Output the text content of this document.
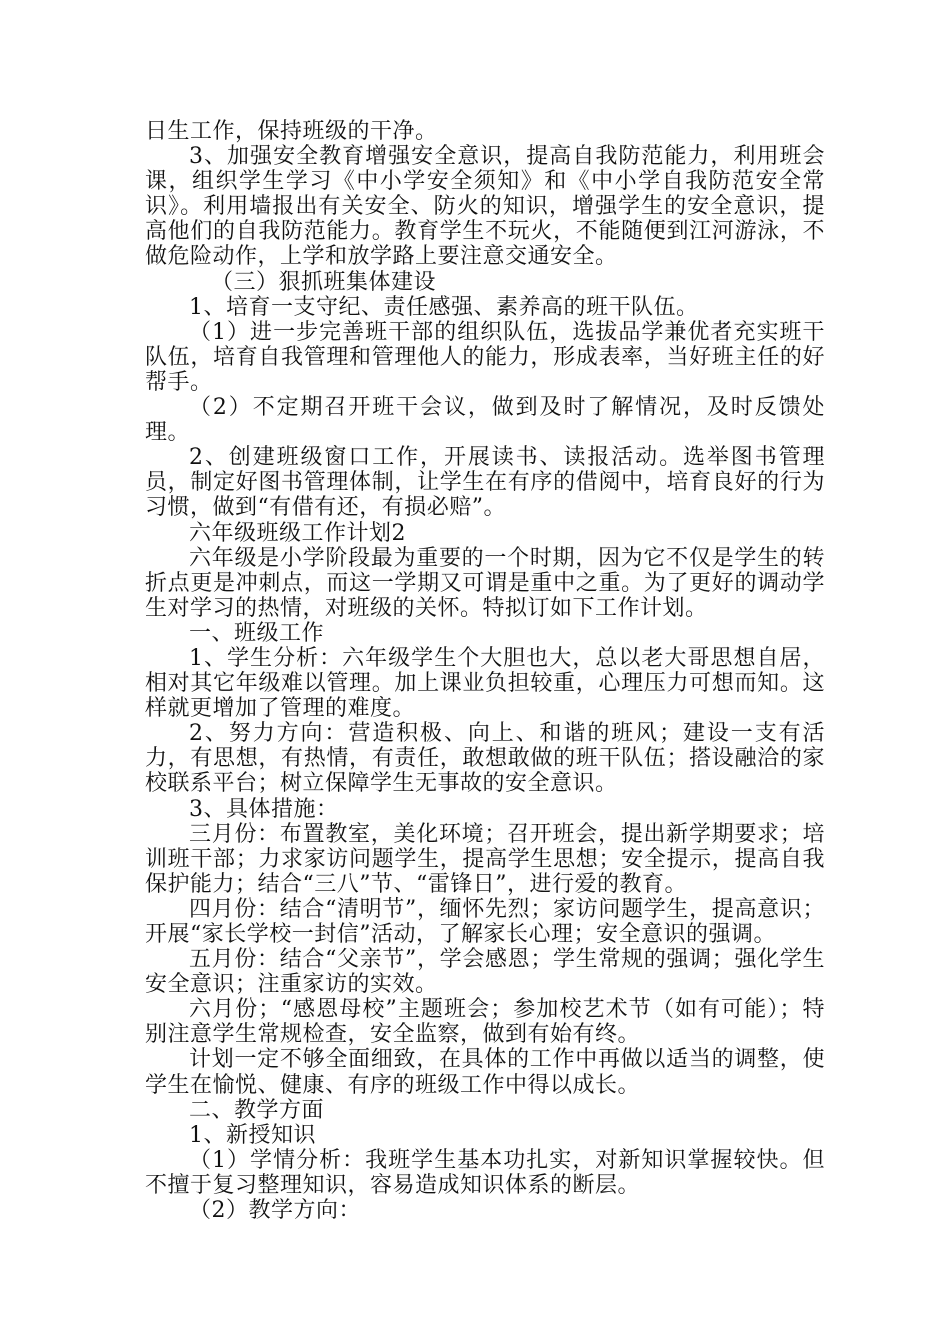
日生工作，保持班级的干净。

3、加强安全教育增强安全意识，提高自我防范能力，利用班会课，组织学生学习《中小学安全须知》和《中小学自我防范安全常识》。利用墙报出有关安全、防火的知识，增强学生的安全意识，提高他们的自我防范能力。教育学生不玩火，不能随便到江河游泳，不做危险动作，上学和放学路上要注意交通安全。

（三）狠抓班集体建设

1、培育一支守纪、责任感强、素养高的班干队伍。

（1）进一步完善班干部的组织队伍，选拔品学兼优者充实班干队伍，培育自我管理和管理他人的能力，形成表率，当好班主任的好帮手。

（2）不定期召开班干会议，做到及时了解情况，及时反馈处理。

2、创建班级窗口工作，开展读书、读报活动。选举图书管理员，制定好图书管理体制，让学生在有序的借阅中，培育良好的行为习惯，做到“有借有还，有损必赔”。

六年级班级工作计划2

六年级是小学阶段最为重要的一个时期，因为它不仅是学生的转折点更是冲刺点，而这一学期又可谓是重中之重。为了更好的调动学生对学习的热情，对班级的关怀。特拟订如下工作计划。

一、班级工作

1、学生分析：六年级学生个大胆也大，总以老大哥思想自居，相对其它年级难以管理。加上课业负担较重，心理压力可想而知。这样就更增加了管理的难度。

2、努力方向：营造积极、向上、和谐的班风；建设一支有活力，有思想，有热情，有责任，敢想敢做的班干队伍；搭设融洽的家校联系平台；树立保障学生无事故的安全意识。

3、具体措施：

三月份：布置教室，美化环境；召开班会，提出新学期要求；培训班干部；力求家访问题学生，提高学生思想；安全提示，提高自我保护能力；结合“三八”节、“雷锋日”，进行爱的教育。

四月份：结合“清明节”，缅怀先烈；家访问题学生，提高意识；开展“家长学校一封信”活动，了解家长心理；安全意识的强调。

五月份：结合“父亲节”，学会感恩；学生常规的强调；强化学生安全意识；注重家访的实效。

六月份；“感恩母校”主题班会；参加校艺术节（如有可能）；特别注意学生常规检查，安全监察，做到有始有终。

计划一定不够全面细致，在具体的工作中再做以适当的调整，使学生在愉悦、健康、有序的班级工作中得以成长。

二、教学方面

1、新授知识

（1）学情分析：我班学生基本功扎实，对新知识掌握较快。但不擅于复习整理知识，容易造成知识体系的断层。

（2）教学方向：
